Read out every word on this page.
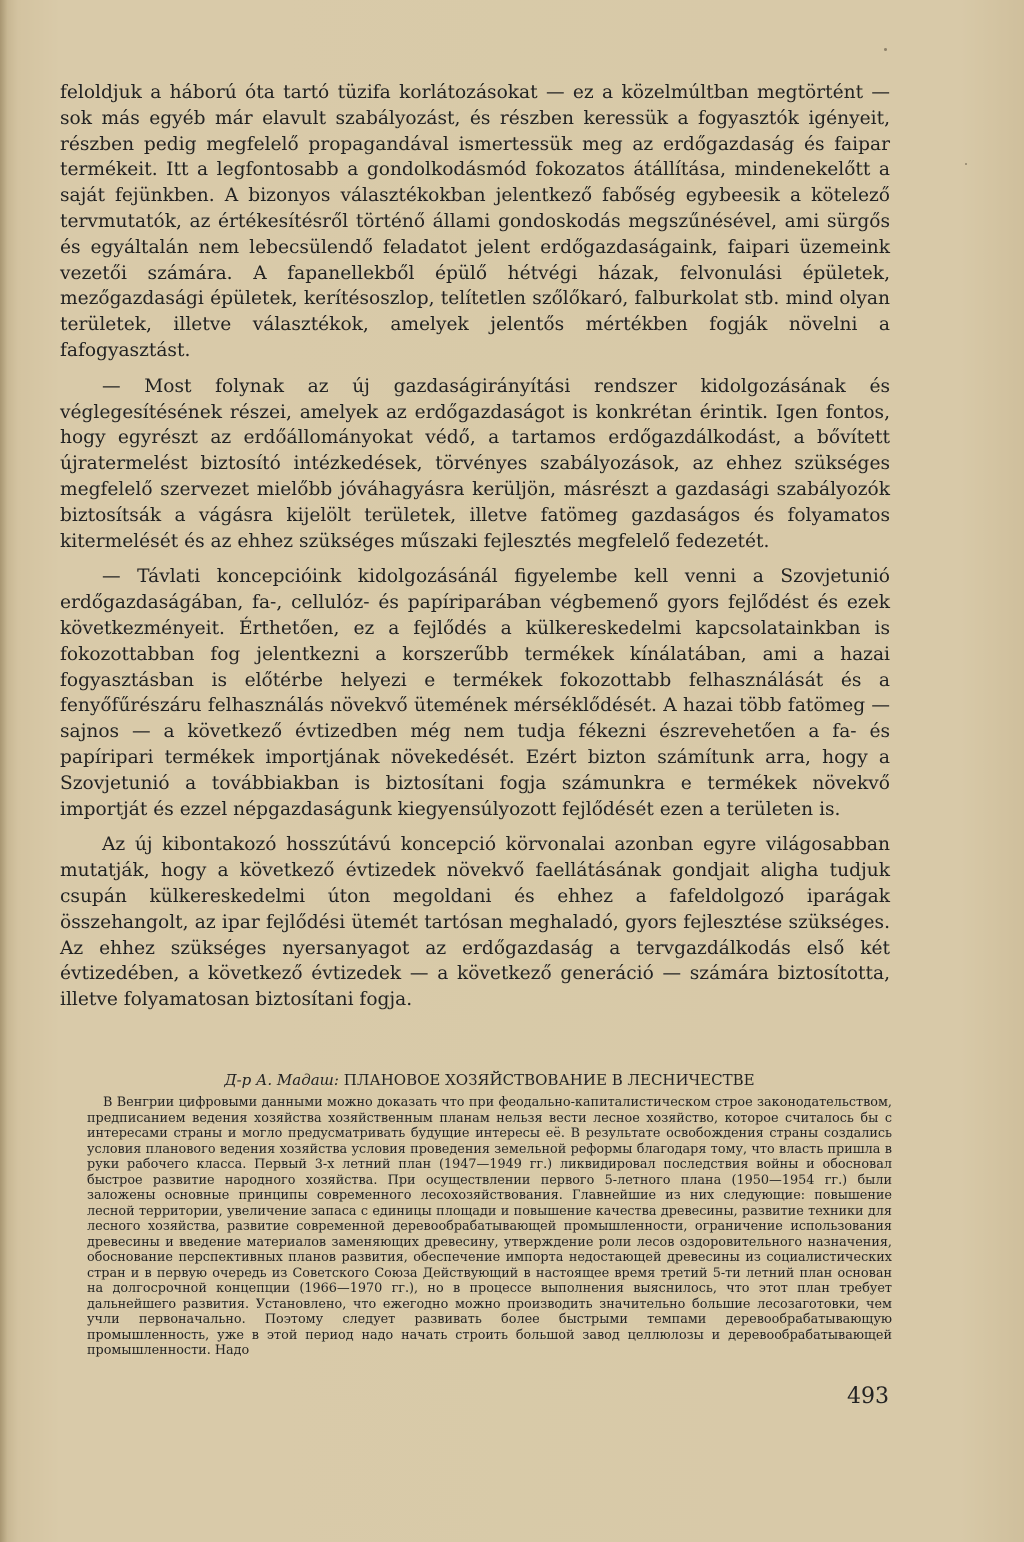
feloldjuk a háború óta tartó tüzifa korlátozásokat — ez a közelmúltban megtörtént — sok más egyéb már elavult szabályozást, és részben keressük a fogyasztók igényeit, részben pedig megfelelő propagandával ismertessük meg az erdőgazdaság és faipar termékeit. Itt a legfontosabb a gondolkodásmód fokozatos átállítása, mindenekelőtt a saját fejünkben. A bizonyos választékokban jelentkező fabőség egybeesik a kötelező tervmutatók, az értékesítésről történő állami gondoskodás megszűnésével, ami sürgős és egyáltalán nem lebecsülendő feladatot jelent erdőgazdaságaink, faipari üzemeink vezetői számára. A fapanellekből épülő hétvégi házak, felvonulási épületek, mezőgazdasági épületek, kerítésoszlop, telítetlen szőlőkaró, falburkolat stb. mind olyan területek, illetve választékok, amelyek jelentős mértékben fogják növelni a fafogyasztást.

— Most folynak az új gazdaságirányítási rendszer kidolgozásának és véglegesítésének részei, amelyek az erdőgazdaságot is konkrétan érintik. Igen fontos, hogy egyrészt az erdőállományokat védő, a tartamos erdőgazdálkodást, a bővített újratermelést biztosító intézkedések, törvényes szabályozások, az ehhez szükséges megfelelő szervezet mielőbb jóváhagyásra kerüljön, másrészt a gazdasági szabályozók biztosítsák a vágásra kijelölt területek, illetve fatömeg gazdaságos és folyamatos kitermelését és az ehhez szükséges műszaki fejlesztés megfelelő fedezetét.

— Távlati koncepcióink kidolgozásánál figyelembe kell venni a Szovjetunió erdőgazdaságában, fa-, cellulóz- és papíriparában végbemenő gyors fejlődést és ezek következményeit. Érthetően, ez a fejlődés a külkereskedelmi kapcsolatainkban is fokozottabban fog jelentkezni a korszerűbb termékek kínálatában, ami a hazai fogyasztásban is előtérbe helyezi e termékek fokozottabb felhasználását és a fenyőfűrészáru felhasználás növekvő ütemének mérséklődését. A hazai több fatömeg — sajnos — a következő évtizedben még nem tudja fékezni észrevehetően a fa- és papíripari termékek importjának növekedését. Ezért bizton számítunk arra, hogy a Szovjetunió a továbbiakban is biztosítani fogja számunkra e termékek növekvő importját és ezzel népgazdaságunk kiegyensúlyozott fejlődését ezen a területen is.

Az új kibontakozó hosszútávú koncepció körvonalai azonban egyre világosabban mutatják, hogy a következő évtizedek növekvő faellátásának gondjait aligha tudjuk csupán külkereskedelmi úton megoldani és ehhez a fafeldolgozó iparágak összehangolt, az ipar fejlődési ütemét tartósan meghaladó, gyors fejlesztése szükséges. Az ehhez szükséges nyersanyagot az erdőgazdaság a tervgazdálkodás első két évtizedében, a következő évtizedek — a következő generáció — számára biztosította, illetve folyamatosan biztosítani fogja.

Д-р А. Мадаш: ПЛАНОВОЕ ХОЗЯЙСТВОВАНИЕ В ЛЕСНИЧЕСТВЕ

В Венгрии цифровыми данными можно доказать что при феодально-капиталистическом строе законодательством, предписанием ведения хозяйства хозяйственным планам нельзя вести лесное хозяйство, которое считалось бы с интересами страны и могло предусматривать будущие интересы её. В результате освобождения страны создались условия планового ведения хозяйства условия проведения земельной реформы благодаря тому, что власть пришла в руки рабочего класса. Первый 3-х летний план (1947—1949 гг.) ликвидировал последствия войны и обосновал быстрое развитие народного хозяйства. При осуществлении первого 5-летного плана (1950—1954 гг.) были заложены основные принципы современного лесохозяйствования. Главнейшие из них следующие: повышение лесной территории, увеличение запаса с единицы площади и повышение качества древесины, развитие техники для лесного хозяйства, развитие современной деревообрабатывающей промышленности, ограничение использования древесины и введение материалов заменяющих древесину, утверждение роли лесов оздоровительного назначения, обоснование перспективных планов развития, обеспечение импорта недостающей древесины из социалистических стран и в первую очередь из Советского Союза Действующий в настоящее время третий 5-ти летний план основан на долгосрочной концепции (1966—1970 гг.), но в процессе выполнения выяснилось, что этот план требует дальнейшего развития. Установлено, что ежегодно можно производить значительно большие лесозаготовки, чем учли первоначально. Поэтому следует развивать более быстрыми темпами деревообрабатывающую промышленность, уже в этой период надо начать строить большой завод целлюлозы и деревообрабатывающей промышленности. Надо

493
